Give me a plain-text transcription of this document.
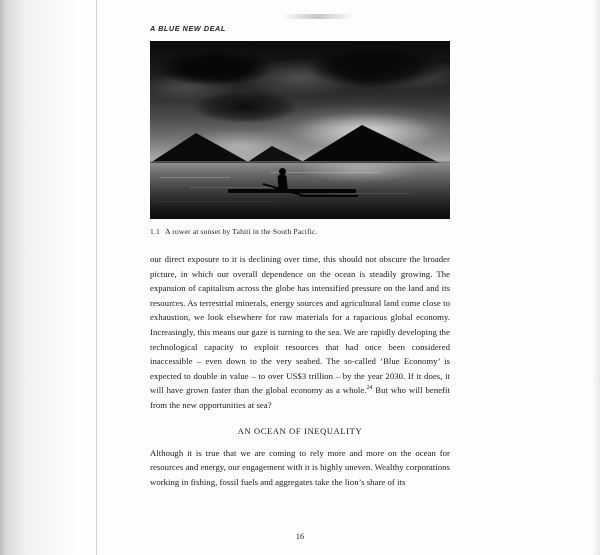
A BLUE NEW DEAL
1.1 A rower at sunset by Tahiti in the South Pacific.

our direct exposure to it is declining over time, this should not obscure the broader picture, in which our overall dependence on the ocean is steadily growing. The expansion of capitalism across the globe has intensified pressure on the land and its resources. As terrestrial minerals, energy sources and agricultural land come close to exhaustion, we look elsewhere for raw materials for a rapacious global economy. Increasingly, this means our gaze is turning to the sea. We are rapidly developing the technological capacity to exploit resources that had once been considered inaccessible – even down to the very seabed. The so-called ‘Blue Economy’ is expected to double in value – to over US$3 trillion – by the year 2030. If it does, it will have grown faster than the global economy as a whole.$^{24}$ But who will benefit from the new opportunities at sea?

AN OCEAN OF INEQUALITY

Although it is true that we are coming to rely more and more on the ocean for resources and energy, our engagement with it is highly uneven. Wealthy corporations working in fishing, fossil fuels and aggregates take the lion’s share of its

16
